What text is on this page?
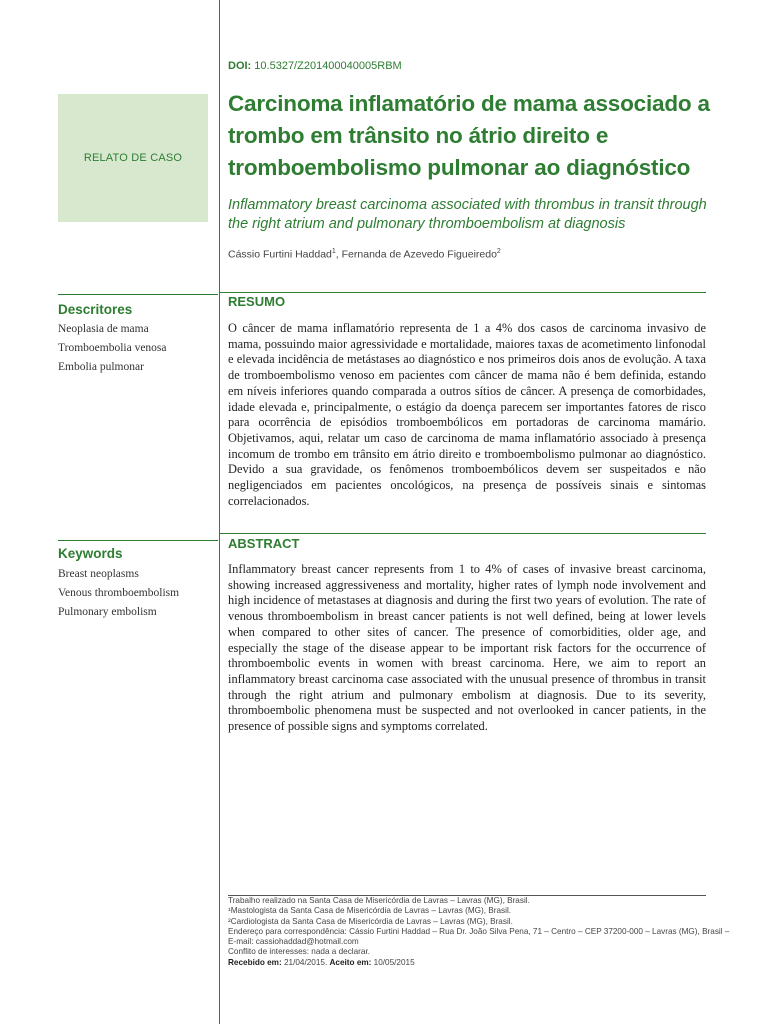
DOI: 10.5327/Z201400040005RBM
RELATO DE CASO
Carcinoma inflamatório de mama associado a trombo em trânsito no átrio direito e tromboembolismo pulmonar ao diagnóstico
Inflammatory breast carcinoma associated with thrombus in transit through the right atrium and pulmonary thromboembolism at diagnosis
Cássio Furtini Haddad$^1$, Fernanda de Azevedo Figueiredo$^2$
Descritores
Neoplasia de mama
Tromboembolia venosa
Embolia pulmonar
Keywords
Breast neoplasms
Venous thromboembolism
Pulmonary embolism
RESUMO

O câncer de mama inflamatório representa de 1 a 4% dos casos de carcinoma invasivo de mama, possuindo maior agressividade e mortalidade, maiores taxas de acometimento linfonodal e elevada incidência de metástases ao diagnóstico e nos primeiros dois anos de evolução. A taxa de tromboembolismo venoso em pacientes com câncer de mama não é bem definida, estando em níveis inferiores quando comparada a outros sítios de câncer. A presença de comorbidades, idade elevada e, principalmente, o estágio da doença parecem ser importantes fatores de risco para ocorrência de episódios tromboembólicos em portadoras de carcinoma mamário. Objetivamos, aqui, relatar um caso de carcinoma de mama inflamatório associado à presença incomum de trombo em trânsito em átrio direito e tromboembolismo pulmonar ao diagnóstico. Devido a sua gravidade, os fenômenos tromboembólicos devem ser suspeitados e não negligenciados em pacientes oncológicos, na presença de possíveis sinais e sintomas correlacionados.

ABSTRACT

Inflammatory breast cancer represents from 1 to 4% of cases of invasive breast carcinoma, showing increased aggressiveness and mortality, higher rates of lymph node involvement and high incidence of metastases at diagnosis and during the first two years of evolution. The rate of venous thromboembolism in breast cancer patients is not well defined, being at lower levels when compared to other sites of cancer. The presence of comorbidities, older age, and especially the stage of the disease appear to be important risk factors for the occurrence of thromboembolic events in women with breast carcinoma. Here, we aim to report an inflammatory breast carcinoma case associated with the unusual presence of thrombus in transit through the right atrium and pulmonary embolism at diagnosis. Due to its severity, thromboembolic phenomena must be suspected and not overlooked in cancer patients, in the presence of possible signs and symptoms correlated.

Trabalho realizado na Santa Casa de Misericórdia de Lavras – Lavras (MG), Brasil.
¹Mastologista da Santa Casa de Misericórdia de Lavras – Lavras (MG), Brasil.
²Cardiologista da Santa Casa de Misericórdia de Lavras – Lavras (MG), Brasil.
Endereço para correspondência: Cássio Furtini Haddad – Rua Dr. João Silva Pena, 71 – Centro – CEP 37200-000 – Lavras (MG), Brasil –
E-mail: cassiohaddad@hotmail.com
Conflito de interesses: nada a declarar.
Recebido em: 21/04/2015. Aceito em: 10/05/2015
